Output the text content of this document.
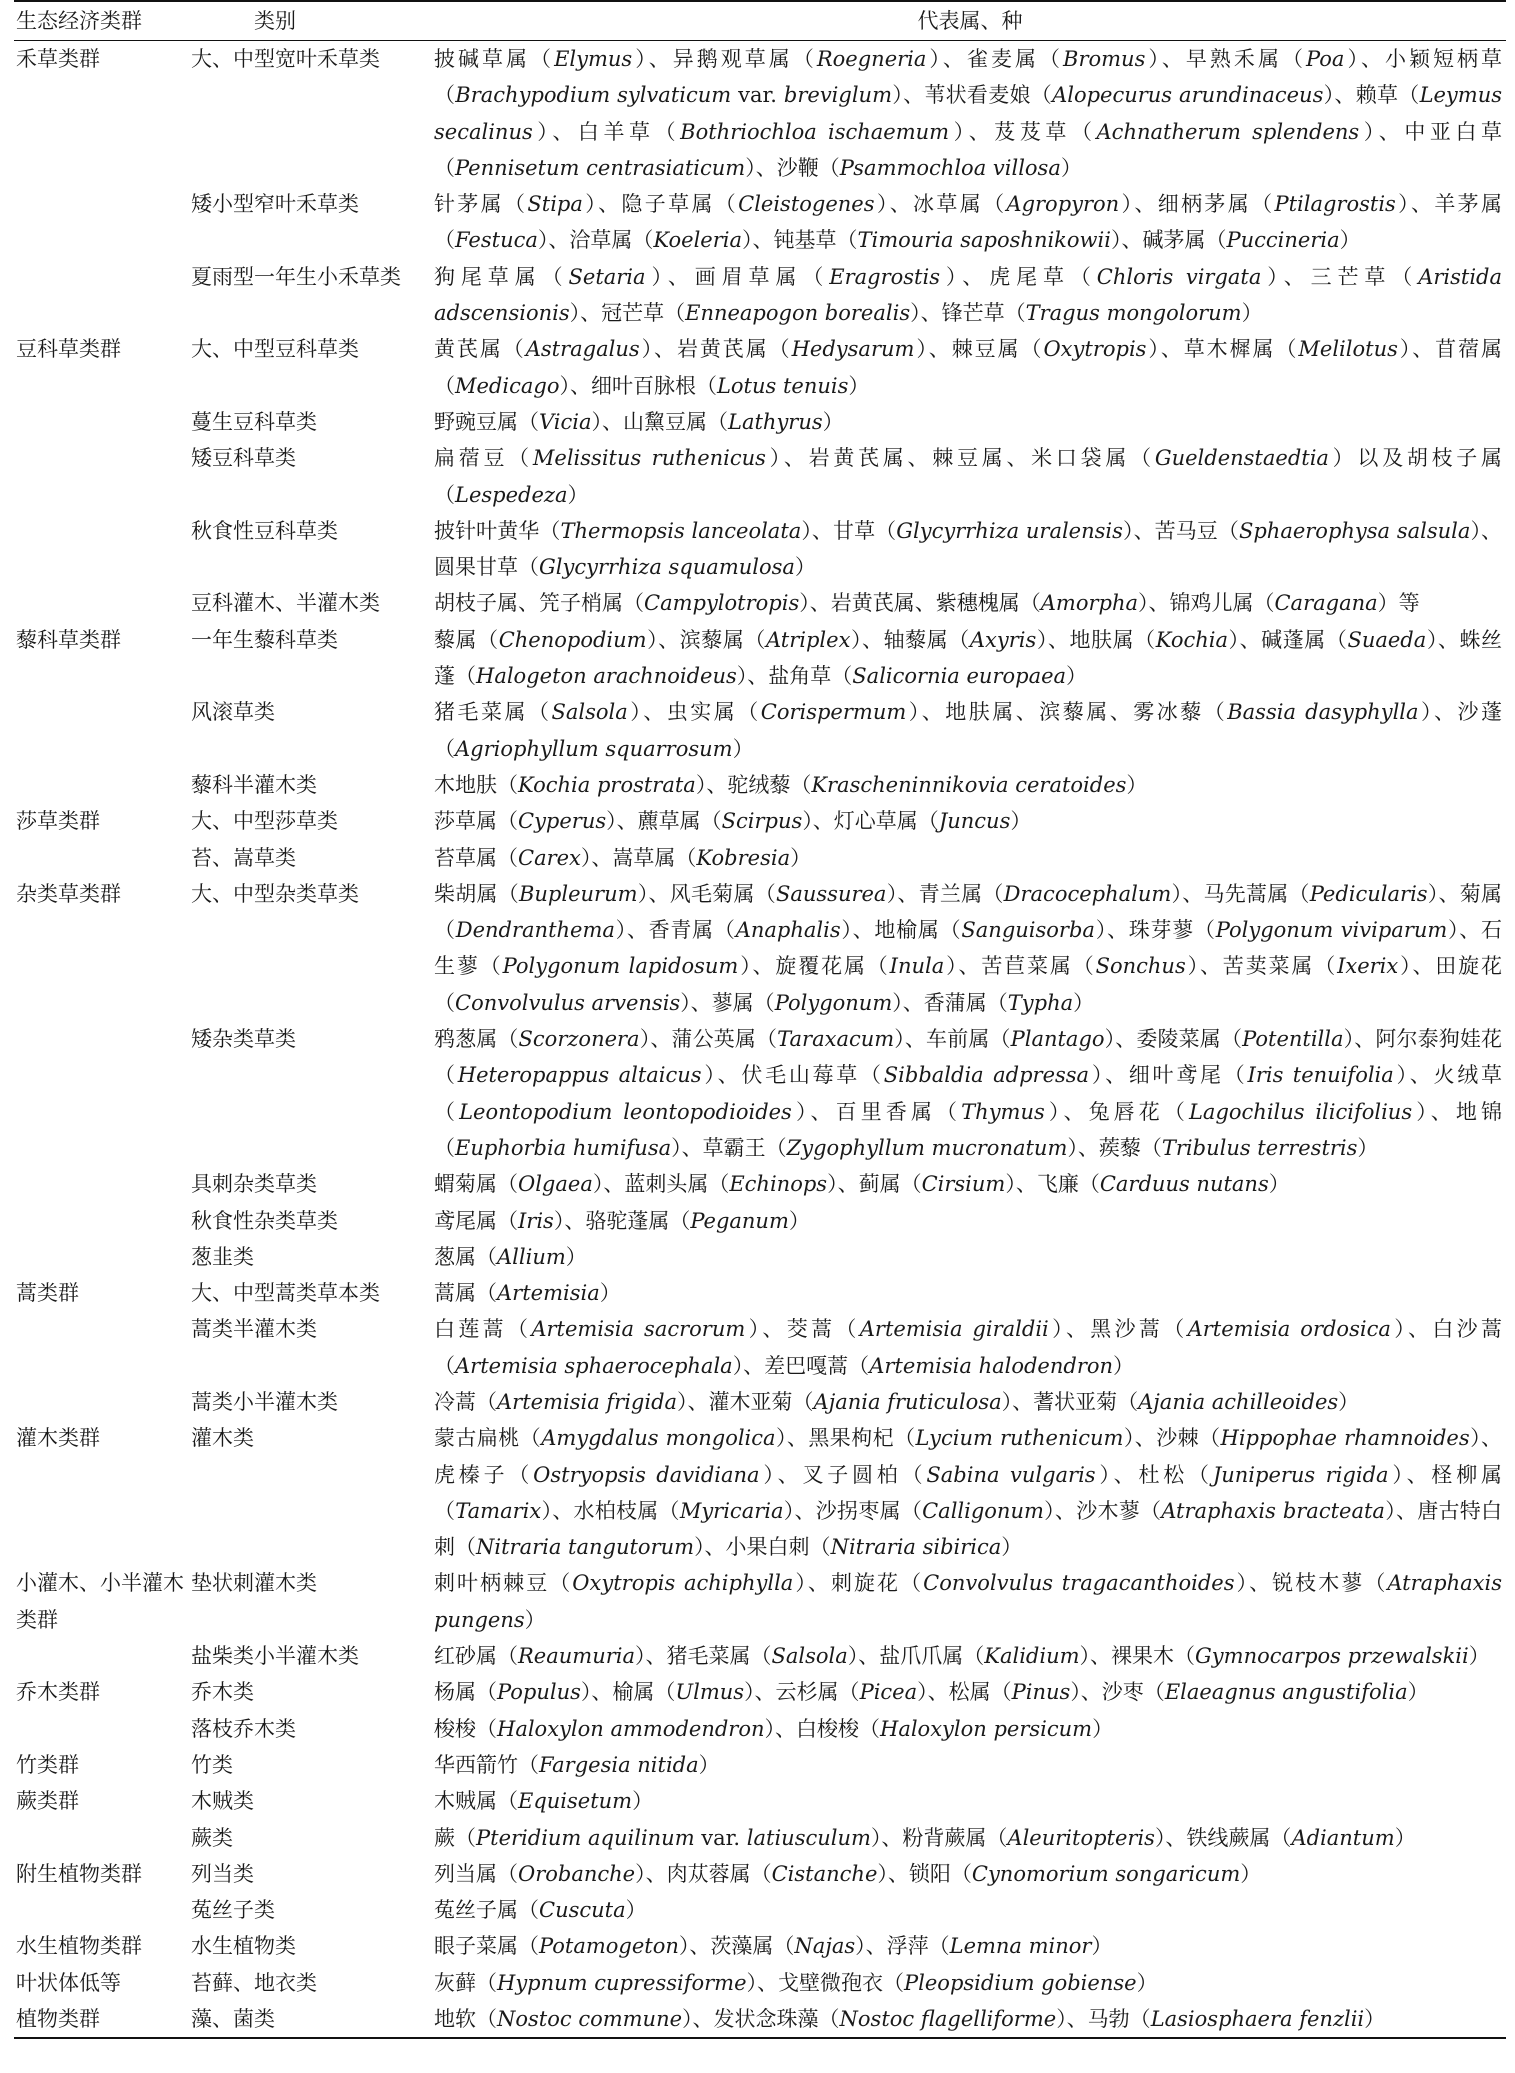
生态经济类群	类别	代表属、种
禾草类群	大、中型宽叶禾草类	披碱草属（Elymus）、异鹅观草属（Roegneria）、雀麦属（Bromus）、早熟禾属（Poa）、小颖短柄草（Brachypodium sylvaticum var. breviglum）、苇状看麦娘（Alopecurus arundinaceus）、赖草（Leymus secalinus）、白羊草（Bothriochloa ischaemum）、芨芨草（Achnatherum splendens）、中亚白草（Pennisetum centrasiaticum）、沙鞭（Psammochloa villosa）
	矮小型窄叶禾草类	针茅属（Stipa）、隐子草属（Cleistogenes）、冰草属（Agropyron）、细柄茅属（Ptilagrostis）、羊茅属（Festuca）、洽草属（Koeleria）、钝基草（Timouria saposhnikowii）、碱茅属（Puccineria）
	夏雨型一年生小禾草类	狗尾草属（Setaria）、画眉草属（Eragrostis）、虎尾草（Chloris virgata）、三芒草（Aristida adscensionis）、冠芒草（Enneapogon borealis）、锋芒草（Tragus mongolorum）
豆科草类群	大、中型豆科草类	黄芪属（Astragalus）、岩黄芪属（Hedysarum）、棘豆属（Oxytropis）、草木樨属（Melilotus）、苜蓿属（Medicago）、细叶百脉根（Lotus tenuis）
	蔓生豆科草类	野豌豆属（Vicia）、山黧豆属（Lathyrus）
	矮豆科草类	扁蓿豆（Melissitus ruthenicus）、岩黄芪属、棘豆属、米口袋属（Gueldenstaedtia）以及胡枝子属（Lespedeza）
	秋食性豆科草类	披针叶黄华（Thermopsis lanceolata）、甘草（Glycyrrhiza uralensis）、苦马豆（Sphaerophysa salsula）、圆果甘草（Glycyrrhiza squamulosa）
	豆科灌木、半灌木类	胡枝子属、笐子梢属（Campylotropis）、岩黄芪属、紫穗槐属（Amorpha）、锦鸡儿属（Caragana）等
藜科草类群	一年生藜科草类	藜属（Chenopodium）、滨藜属（Atriplex）、轴藜属（Axyris）、地肤属（Kochia）、碱蓬属（Suaeda）、蛛丝蓬（Halogeton arachnoideus）、盐角草（Salicornia europaea）
	风滚草类	猪毛菜属（Salsola）、虫实属（Corispermum）、地肤属、滨藜属、雾冰藜（Bassia dasyphylla）、沙蓬（Agriophyllum squarrosum）
	藜科半灌木类	木地肤（Kochia prostrata）、驼绒藜（Krascheninnikovia ceratoides）
莎草类群	大、中型莎草类	莎草属（Cyperus）、藨草属（Scirpus）、灯心草属（Juncus）
	苔、嵩草类	苔草属（Carex）、嵩草属（Kobresia）
杂类草类群	大、中型杂类草类	柴胡属（Bupleurum）、风毛菊属（Saussurea）、青兰属（Dracocephalum）、马先蒿属（Pedicularis）、菊属（Dendranthema）、香青属（Anaphalis）、地榆属（Sanguisorba）、珠芽蓼（Polygonum viviparum）、石生蓼（Polygonum lapidosum）、旋覆花属（Inula）、苦苣菜属（Sonchus）、苦荬菜属（Ixerix）、田旋花（Convolvulus arvensis）、蓼属（Polygonum）、香蒲属（Typha）
	矮杂类草类	鸦葱属（Scorzonera）、蒲公英属（Taraxacum）、车前属（Plantago）、委陵菜属（Potentilla）、阿尔泰狗娃花（Heteropappus altaicus）、伏毛山莓草（Sibbaldia adpressa）、细叶鸢尾（Iris tenuifolia）、火绒草（Leontopodium leontopodioides）、百里香属（Thymus）、兔唇花（Lagochilus ilicifolius）、地锦（Euphorbia humifusa）、草霸王（Zygophyllum mucronatum）、蒺藜（Tribulus terrestris）
	具刺杂类草类	蝟菊属（Olgaea）、蓝刺头属（Echinops）、蓟属（Cirsium）、飞廉（Carduus nutans）
	秋食性杂类草类	鸢尾属（Iris）、骆驼蓬属（Peganum）
	葱韭类	葱属（Allium）
蒿类群	大、中型蒿类草本类	蒿属（Artemisia）
	蒿类半灌木类	白莲蒿（Artemisia sacrorum）、茭蒿（Artemisia giraldii）、黑沙蒿（Artemisia ordosica）、白沙蒿（Artemisia sphaerocephala）、差巴嘎蒿（Artemisia halodendron）
	蒿类小半灌木类	冷蒿（Artemisia frigida）、灌木亚菊（Ajania fruticulosa）、蓍状亚菊（Ajania achilleoides）
灌木类群	灌木类	蒙古扁桃（Amygdalus mongolica）、黑果枸杞（Lycium ruthenicum）、沙棘（Hippophae rhamnoides）、虎榛子（Ostryopsis davidiana）、叉子圆柏（Sabina vulgaris）、杜松（Juniperus rigida）、柽柳属（Tamarix）、水柏枝属（Myricaria）、沙拐枣属（Calligonum）、沙木蓼（Atraphaxis bracteata）、唐古特白刺（Nitraria tangutorum）、小果白刺（Nitraria sibirica）
小灌木、小半灌木类群	垫状刺灌木类	刺叶柄棘豆（Oxytropis achiphylla）、刺旋花（Convolvulus tragacanthoides）、锐枝木蓼（Atraphaxis pungens）
	盐柴类小半灌木类	红砂属（Reaumuria）、猪毛菜属（Salsola）、盐爪爪属（Kalidium）、裸果木（Gymnocarpos przewalskii）
乔木类群	乔木类	杨属（Populus）、榆属（Ulmus）、云杉属（Picea）、松属（Pinus）、沙枣（Elaeagnus angustifolia）
	落枝乔木类	梭梭（Haloxylon ammodendron）、白梭梭（Haloxylon persicum）
竹类群	竹类	华西箭竹（Fargesia nitida）
蕨类群	木贼类	木贼属（Equisetum）
	蕨类	蕨（Pteridium aquilinum var. latiusculum）、粉背蕨属（Aleuritopteris）、铁线蕨属（Adiantum）
附生植物类群	列当类	列当属（Orobanche）、肉苁蓉属（Cistanche）、锁阳（Cynomorium songaricum）
	菟丝子类	菟丝子属（Cuscuta）
水生植物类群	水生植物类	眼子菜属（Potamogeton）、茨藻属（Najas）、浮萍（Lemna minor）
叶状体低等	苔藓、地衣类	灰藓（Hypnum cupressiforme）、戈壁微孢衣（Pleopsidium gobiense）
植物类群	藻、菌类	地软（Nostoc commune）、发状念珠藻（Nostoc flagelliforme）、马勃（Lasiosphaera fenzlii）
